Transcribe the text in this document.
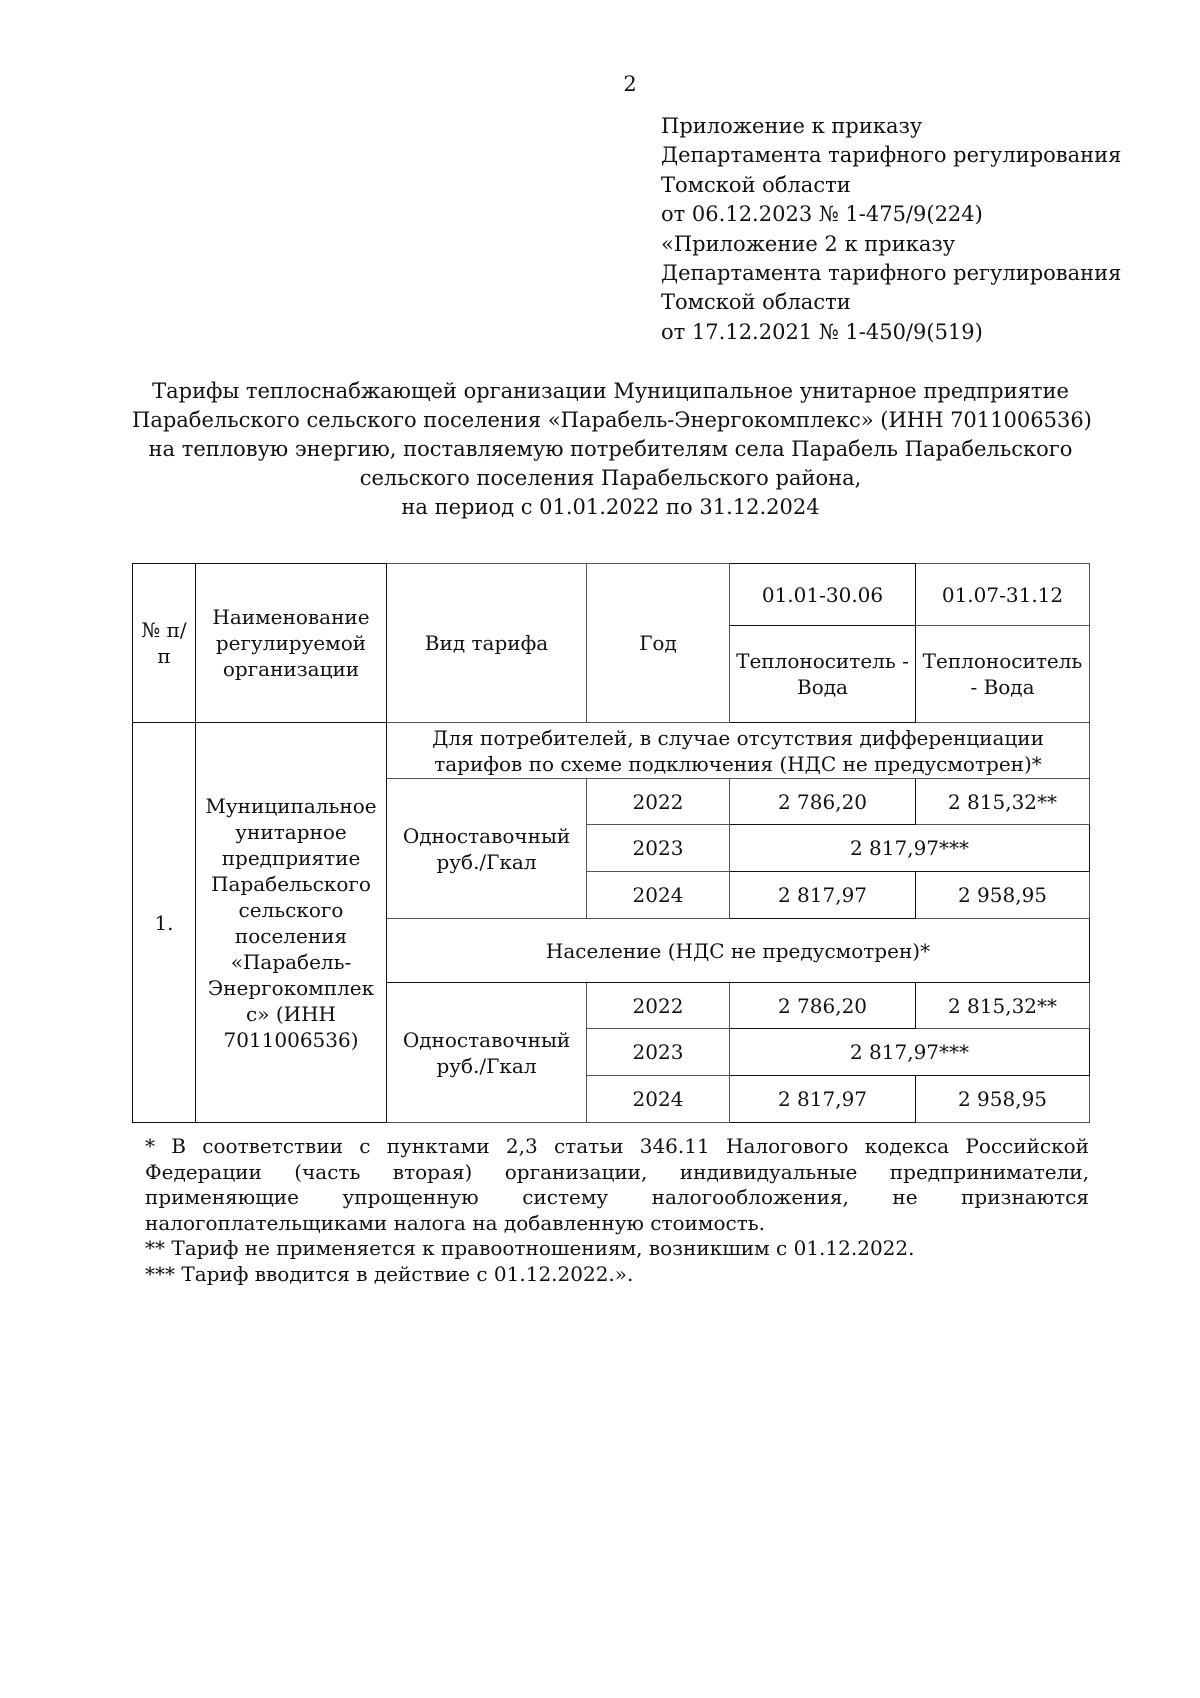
2
Приложение к приказу
Департамента тарифного регулирования
Томской области
от 06.12.2023 № 1-475/9(224)
«Приложение 2 к приказу
Департамента тарифного регулирования
Томской области
от 17.12.2021 № 1-450/9(519)
Тарифы теплоснабжающей организации Муниципальное унитарное предприятие
Парабельского сельского поселения «Парабель-Энергокомплекс» (ИНН 7011006536)
на тепловую энергию, поставляемую потребителям села Парабель Парабельского
сельского поселения Парабельского района,
на период с 01.01.2022 по 31.12.2024
№ п/п	Наименование регулируемой организации	Вид тарифа	Год	01.01-30.06	01.07-31.12
				Теплоноситель - Вода	Теплоноситель - Вода
1.	Муниципальное унитарное предприятие Парабельского сельского поселения «Парабель-Энергокомплек с» (ИНН 7011006536)	Для потребителей, в случае отсутствия дифференциации тарифов по схеме подключения (НДС не предусмотрен)*			
		Одноставочный руб./Гкал	2022	2 786,20	2 815,32**
			2023	2 817,97***	
			2024	2 817,97	2 958,95
		Население (НДС не предусмотрен)*			
		Одноставочный руб./Гкал	2022	2 786,20	2 815,32**
			2023	2 817,97***	
			2024	2 817,97	2 958,95
* В соответствии с пунктами 2,3 статьи 346.11 Налогового кодекса Российской Федерации (часть вторая) организации, индивидуальные предприниматели, применяющие упрощенную систему налогообложения, не признаются налогоплательщиками налога на добавленную стоимость.
** Тариф не применяется к правоотношениям, возникшим с 01.12.2022.
*** Тариф вводится в действие с 01.12.2022.».
